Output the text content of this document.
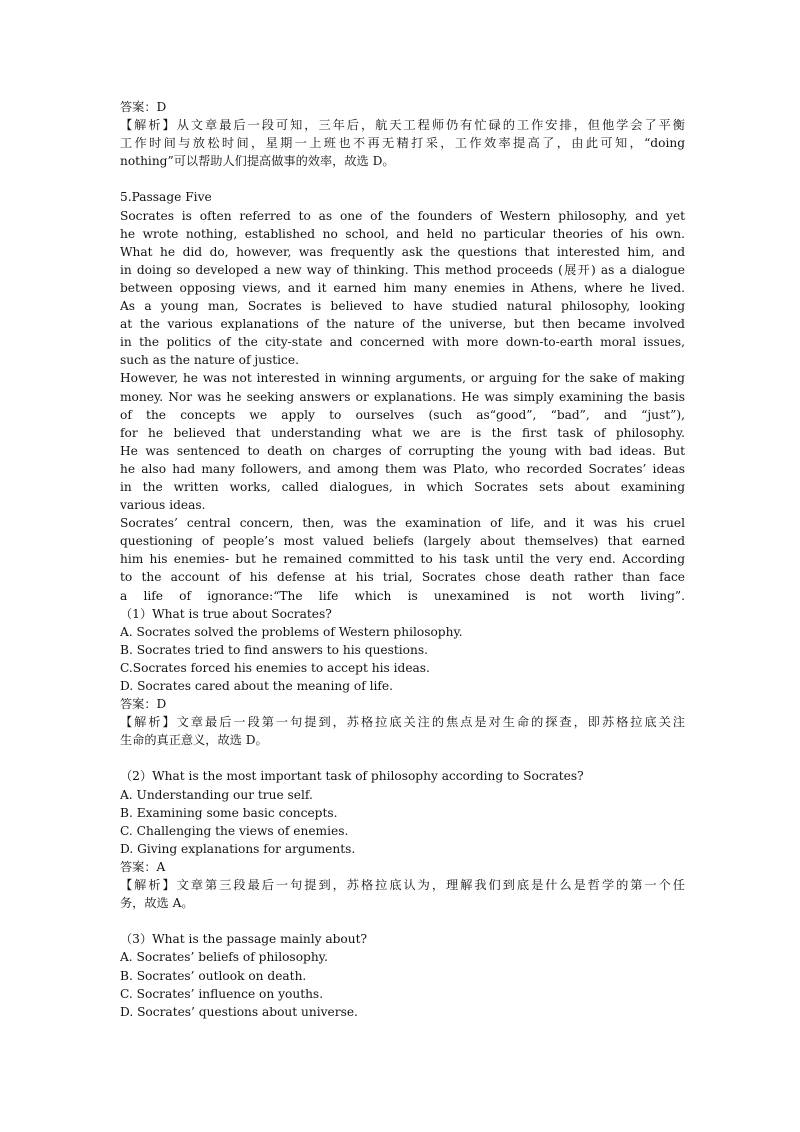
答案：D
【解析】从文章最后一段可知，三年后，航天工程师仍有忙碌的工作安排，但他学会了平衡
工作时间与放松时间，星期一上班也不再无精打采，工作效率提高了，由此可知，“doing
nothing”可以帮助人们提高做事的效率，故选 D。
5.Passage Five
Socrates is often referred to as one of the founders of Western philosophy, and yet
he wrote nothing, established no school, and held no particular theories of his own.
What he did do, however, was frequently ask the questions that interested him, and
in doing so developed a new way of thinking. This method proceeds (展开) as a dialogue
between opposing views, and it earned him many enemies in Athens, where he lived.
As a young man, Socrates is believed to have studied natural philosophy, looking
at the various explanations of the nature of the universe, but then became involved
in the politics of the city-state and concerned with more down-to-earth moral issues,
such as the nature of justice.
However, he was not interested in winning arguments, or arguing for the sake of making
money. Nor was he seeking answers or explanations. He was simply examining the basis
of the concepts we apply to ourselves (such as“good”, “bad”, and “just”),
for he believed that understanding what we are is the first task of philosophy.
He was sentenced to death on charges of corrupting the young with bad ideas. But
he also had many followers, and among them was Plato, who recorded Socrates’ ideas
in the written works, called dialogues, in which Socrates sets about examining
various ideas.
Socrates’ central concern, then, was the examination of life, and it was his cruel
questioning of people’s most valued beliefs (largely about themselves) that earned
him his enemies- but he remained committed to his task until the very end. According
to the account of his defense at his trial, Socrates chose death rather than face
a life of ignorance:“The life which is unexamined is not worth living”.
（1）What is true about Socrates?
A. Socrates solved the problems of Western philosophy.
B. Socrates tried to find answers to his questions.
C.Socrates forced his enemies to accept his ideas.
D. Socrates cared about the meaning of life.
答案：D
【解析】文章最后一段第一句提到，苏格拉底关注的焦点是对生命的探查，即苏格拉底关注
生命的真正意义，故选 D。
（2）What is the most important task of philosophy according to Socrates?
A. Understanding our true self.
B. Examining some basic concepts.
C. Challenging the views of enemies.
D. Giving explanations for arguments.
答案：A
【解析】文章第三段最后一句提到，苏格拉底认为，理解我们到底是什么是哲学的第一个任
务，故选 A。
（3）What is the passage mainly about?
A. Socrates’ beliefs of philosophy.
B. Socrates’ outlook on death.
C. Socrates’ influence on youths.
D. Socrates’ questions about universe.
